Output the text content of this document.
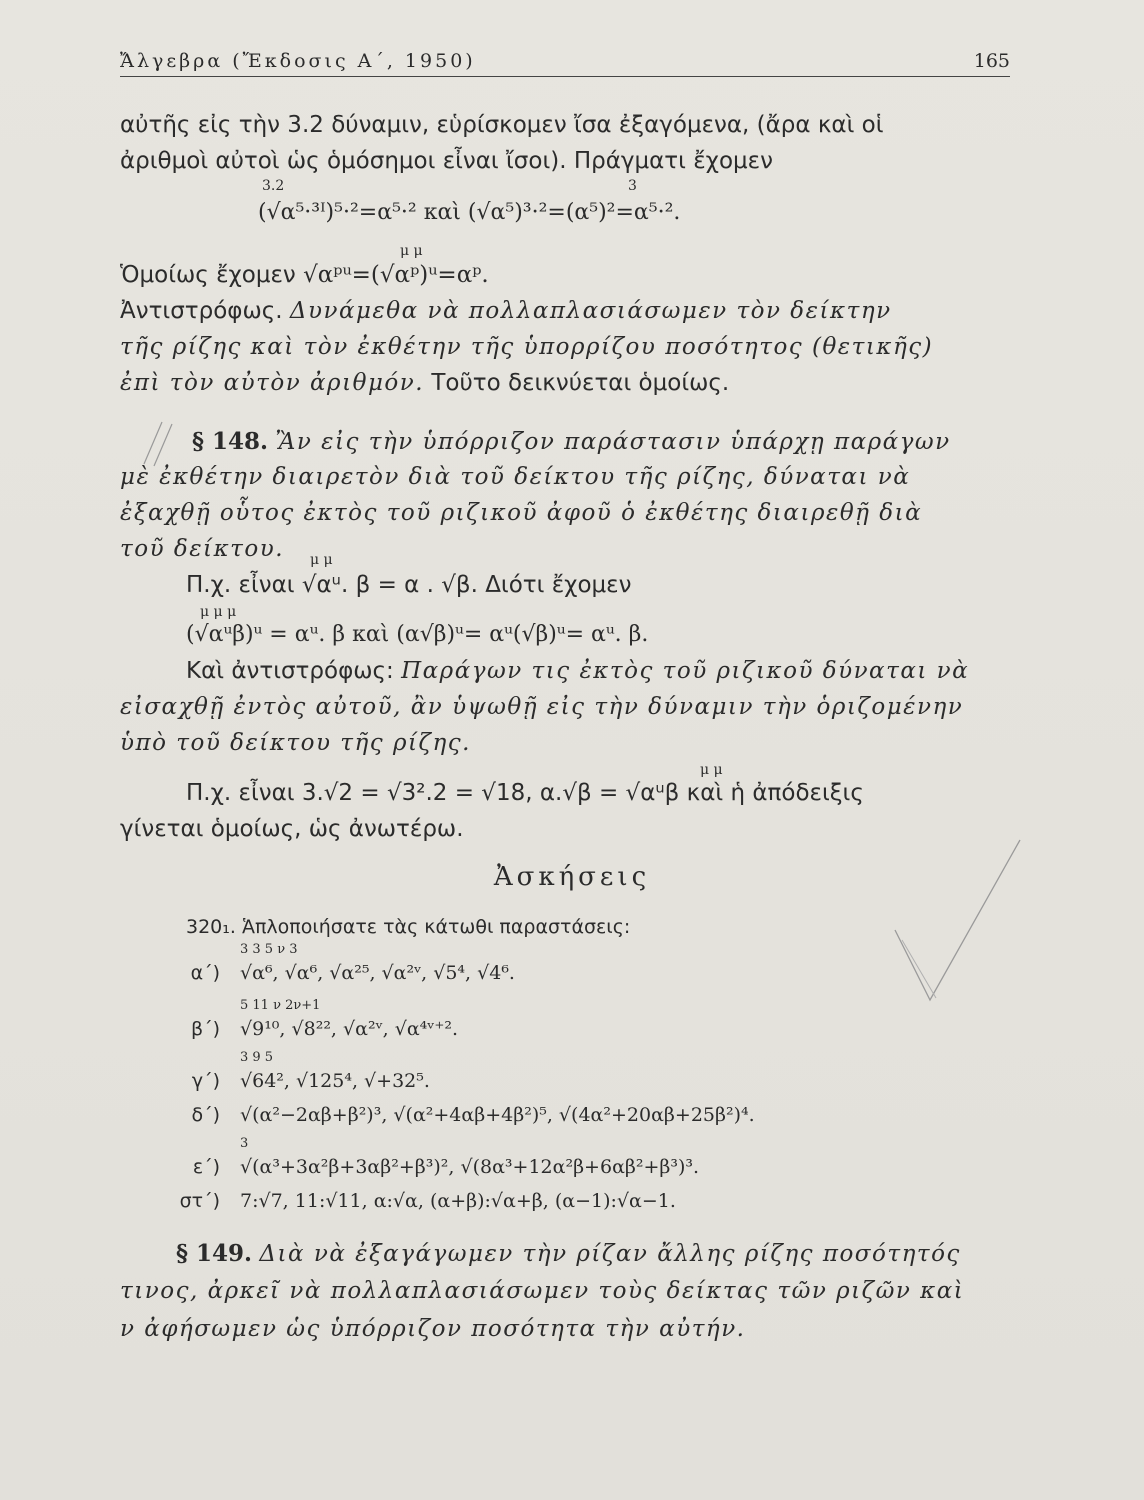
Ἄλγεβρα (Ἔκδοσις Α΄, 1950)	165
αὐτῆς εἰς τὴν 3.2 δύναμιν, εὑρίσκομεν ἴσα ἐξαγόμενα, (ἄρα καὶ οἱ
ἀριθμοὶ αὐτοὶ ὡς ὁμόσημοι εἶναι ἴσοι). Πράγματι ἔχομεν
3.2	3
(√α⁵·³ᴵ)⁵·²=α⁵·² καὶ (√α⁵)³·²=(α⁵)²=α⁵·².
μ μ
Ὁμοίως ἔχομεν √αᵖᵘ=(√αᵖ)ᵘ=αᵖ.
Ἀντιστρόφως. Δυνάμεθα νὰ πολλαπλασιάσωμεν τὸν δείκτην
τῆς ρίζης καὶ τὸν ἐκθέτην τῆς ὑπορρίζου ποσότητος (θετικῆς)
ἐπὶ τὸν αὐτὸν ἀριθμόν. Τοῦτο δεικνύεται ὁμοίως.
§ 148. Ἂν εἰς τὴν ὑπόρριζον παράστασιν ὑπάρχῃ παράγων
μὲ ἐκθέτην διαιρετὸν διὰ τοῦ δείκτου τῆς ρίζης, δύναται νὰ
ἐξαχθῇ οὗτος ἐκτὸς τοῦ ριζικοῦ ἀφοῦ ὁ ἐκθέτης διαιρεθῇ διὰ
τοῦ δείκτου. μ μ
Π.χ. εἶναι √αᵘ. β = α . √β. Διότι ἔχομεν
μ μ μ
(√αᵘβ)ᵘ = αᵘ. β καὶ (α√β)ᵘ= αᵘ(√β)ᵘ= αᵘ. β.
Καὶ ἀντιστρόφως: Παράγων τις ἐκτὸς τοῦ ριζικοῦ δύναται νὰ
εἰσαχθῇ ἐντὸς αὐτοῦ, ἂν ὑψωθῇ εἰς τὴν δύναμιν τὴν ὁριζομένην
ὑπὸ τοῦ δείκτου τῆς ρίζης.
μ μ
Π.χ. εἶναι 3.√2 = √3².2 = √18, α.√β = √αᵘβ καὶ ἡ ἀπόδειξις
γίνεται ὁμοίως, ὡς ἀνωτέρω.
Ἀσκήσεις
320₁. Ἁπλοποιήσατε τὰς κάτωθι παραστάσεις:
3 3 5 ν 3
α΄) √α⁶, √α⁶, √α²⁵, √α²ᵛ, √5⁴, √4⁶.
5 11 ν 2ν+1
β΄) √9¹⁰, √8²², √α²ᵛ, √α⁴ᵛ⁺².
3 9 5
γ΄) √64², √125⁴, √+32⁵.
δ΄) √(α²−2αβ+β²)³, √(α²+4αβ+4β²)⁵, √(4α²+20αβ+25β²)⁴.
3
ε΄) √(α³+3α²β+3αβ²+β³)², √(8α³+12α²β+6αβ²+β³)³.
στ΄) 7:√7, 11:√11, α:√α, (α+β):√α+β, (α−1):√α−1.
§ 149. Διὰ νὰ ἐξαγάγωμεν τὴν ρίζαν ἄλλης ρίζης ποσότητός
τινος, ἀρκεῖ νὰ πολλαπλασιάσωμεν τοὺς δείκτας τῶν ριζῶν καὶ
ν ἀφήσωμεν ὡς ὑπόρριζον ποσότητα τὴν αὐτήν.
